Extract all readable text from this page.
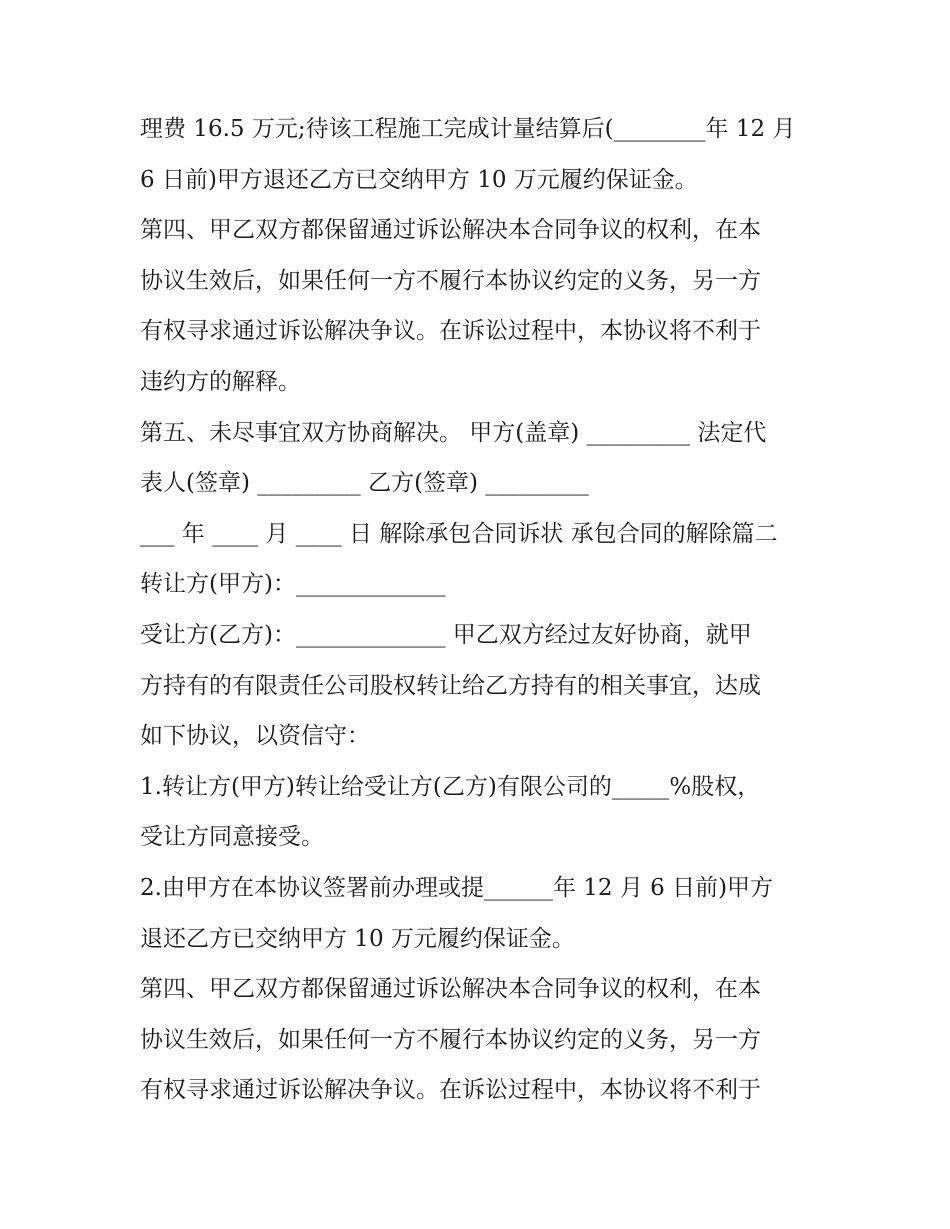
理费 16.5 万元;待该工程施工完成计量结算后(________年 12 月
6 日前)甲方退还乙方已交纳甲方 10 万元履约保证金。
第四、甲乙双方都保留通过诉讼解决本合同争议的权利，在本
协议生效后，如果任何一方不履行本协议约定的义务，另一方
有权寻求通过诉讼解决争议。在诉讼过程中，本协议将不利于
违约方的解释。
第五、未尽事宜双方协商解决。 甲方(盖章) _________ 法定代
表人(签章) _________ 乙方(签章) _________
___ 年 ____ 月 ____ 日 解除承包合同诉状 承包合同的解除篇二
转让方(甲方)：_____________
受让方(乙方)：_____________ 甲乙双方经过友好协商，就甲
方持有的有限责任公司股权转让给乙方持有的相关事宜，达成
如下协议，以资信守：
1.转让方(甲方)转让给受让方(乙方)有限公司的_____%股权，
受让方同意接受。
2.由甲方在本协议签署前办理或提______年 12 月 6 日前)甲方
退还乙方已交纳甲方 10 万元履约保证金。
第四、甲乙双方都保留通过诉讼解决本合同争议的权利，在本
协议生效后，如果任何一方不履行本协议约定的义务，另一方
有权寻求通过诉讼解决争议。在诉讼过程中，本协议将不利于
